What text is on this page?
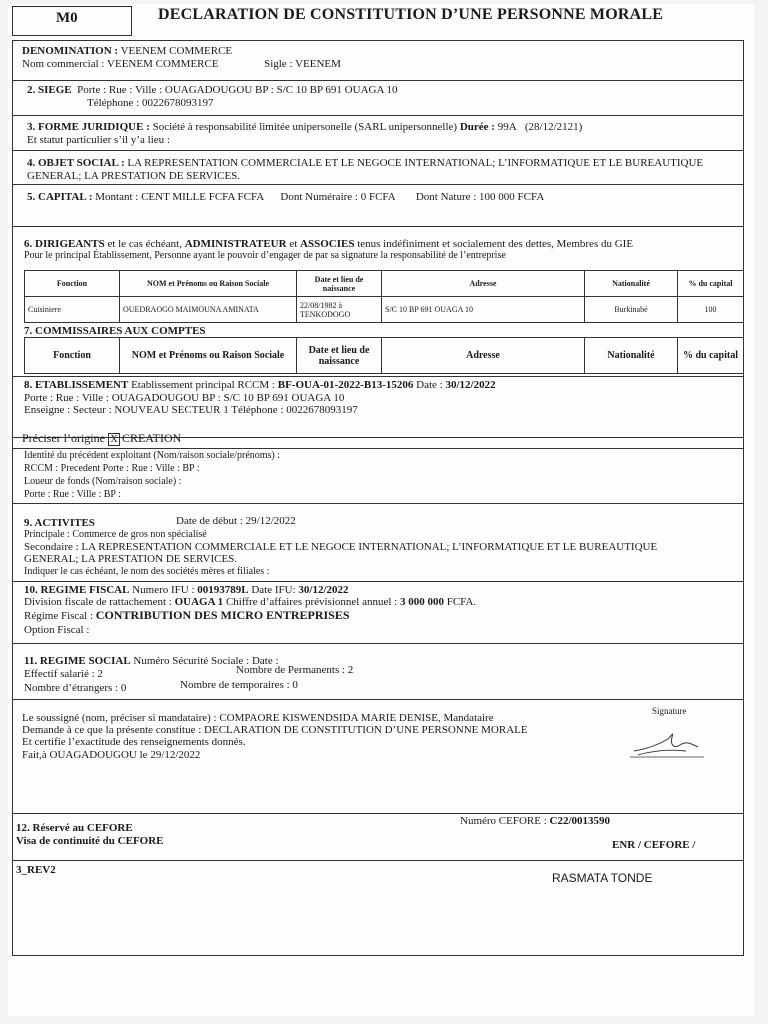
M0	DECLARATION DE CONSTITUTION D’UNE PERSONNE MORALE
DENOMINATION : VEENEM COMMERCE
Nom commercial : VEENEM COMMERCE	Sigle : VEENEM
2. SIEGE Porte : Rue : Ville : OUAGADOUGOU BP : S/C 10 BP 691 OUAGA 10
Téléphone : 0022678093197
3. FORME JURIDIQUE : Société à responsabilité limitée unipersonelle (SARL unipersonnelle) Durée : 99A (28/12/2121)
Et statut particulier s’il y’a lieu :
4. OBJET SOCIAL : LA REPRESENTATION COMMERCIALE ET LE NEGOCE INTERNATIONAL; L’INFORMATIQUE ET LE BUREAUTIQUE
GENERAL; LA PRESTATION DE SERVICES.
5. CAPITAL : Montant : CENT MILLE FCFA FCFA Dont Numéraire : 0 FCFA Dont Nature : 100 000 FCFA
6. DIRIGEANTS et le cas échéant, ADMINISTRATEUR et ASSOCIES tenus indéfiniment et socialement des dettes, Membres du GIE
Pour le principal Établissement, Personne ayant le pouvoir d’engager de par sa signature la responsabilité de l’entreprise
Fonction	NOM et Prénoms ou Raison Sociale	Date et lieu de naissance	Adresse	Nationalité	% du capital
Cuisiniere	OUEDRAOGO MAIMOUNA AMINATA	22/08/1982 à TENKODOGO	S/C 10 BP 691 OUAGA 10	Burkinabé	100
7. COMMISSAIRES AUX COMPTES
Fonction	NOM et Prénoms ou Raison Sociale	Date et lieu de naissance	Adresse	Nationalité	% du capital
8. ETABLISSEMENT Etablissement principal RCCM : BF-OUA-01-2022-B13-15206 Date : 30/12/2022
Porte : Rue : Ville : OUAGADOUGOU BP : S/C 10 BP 691 OUAGA 10
Enseigne : Secteur : NOUVEAU SECTEUR 1 Téléphone : 0022678093197
Préciser l’origine X CREATION
Identité du précédent exploitant (Nom/raison sociale/prénoms) :
RCCM : Precedent Porte : Rue : Ville : BP :
Loueur de fonds (Nom/raison sociale) :
Porte : Rue : Ville : BP :
9. ACTIVITES	Date de début : 29/12/2022
Principale : Commerce de gros non spécialisé
Secondaire : LA REPRESENTATION COMMERCIALE ET LE NEGOCE INTERNATIONAL; L’INFORMATIQUE ET LE BUREAUTIQUE
GENERAL; LA PRESTATION DE SERVICES.
Indiquer le cas échéant, le nom des sociétés mères et filiales :
10. REGIME FISCAL Numero IFU : 00193789L Date IFU: 30/12/2022
Division fiscale de rattachement : OUAGA 1 Chiffre d’affaires prévisionnel annuel : 3 000 000 FCFA.
Régime Fiscal : CONTRIBUTION DES MICRO ENTREPRISES
Option Fiscal :
11. REGIME SOCIAL Numéro Sécurité Sociale : Date :
Effectif salarié : 2	Nombre de Permanents : 2
Nombre d’étrangers : 0	Nombre de temporaires : 0
Le soussigné (nom, préciser si mandataire) : COMPAORE KISWENDSIDA MARIE DENISE, Mandataire
Demande à ce que la présente constitue : DECLARATION DE CONSTITUTION D’UNE PERSONNE MORALE
Et certifie l’exactitude des renseignements donnés.
Fait,à OUAGADOUGOU le 29/12/2022
Signature
12. Réservé au CEFORE
Visa de continuité du CEFORE
Numéro CEFORE : C22/0013590
ENR / CEFORE /
3_REV2
RASMATA TONDE
